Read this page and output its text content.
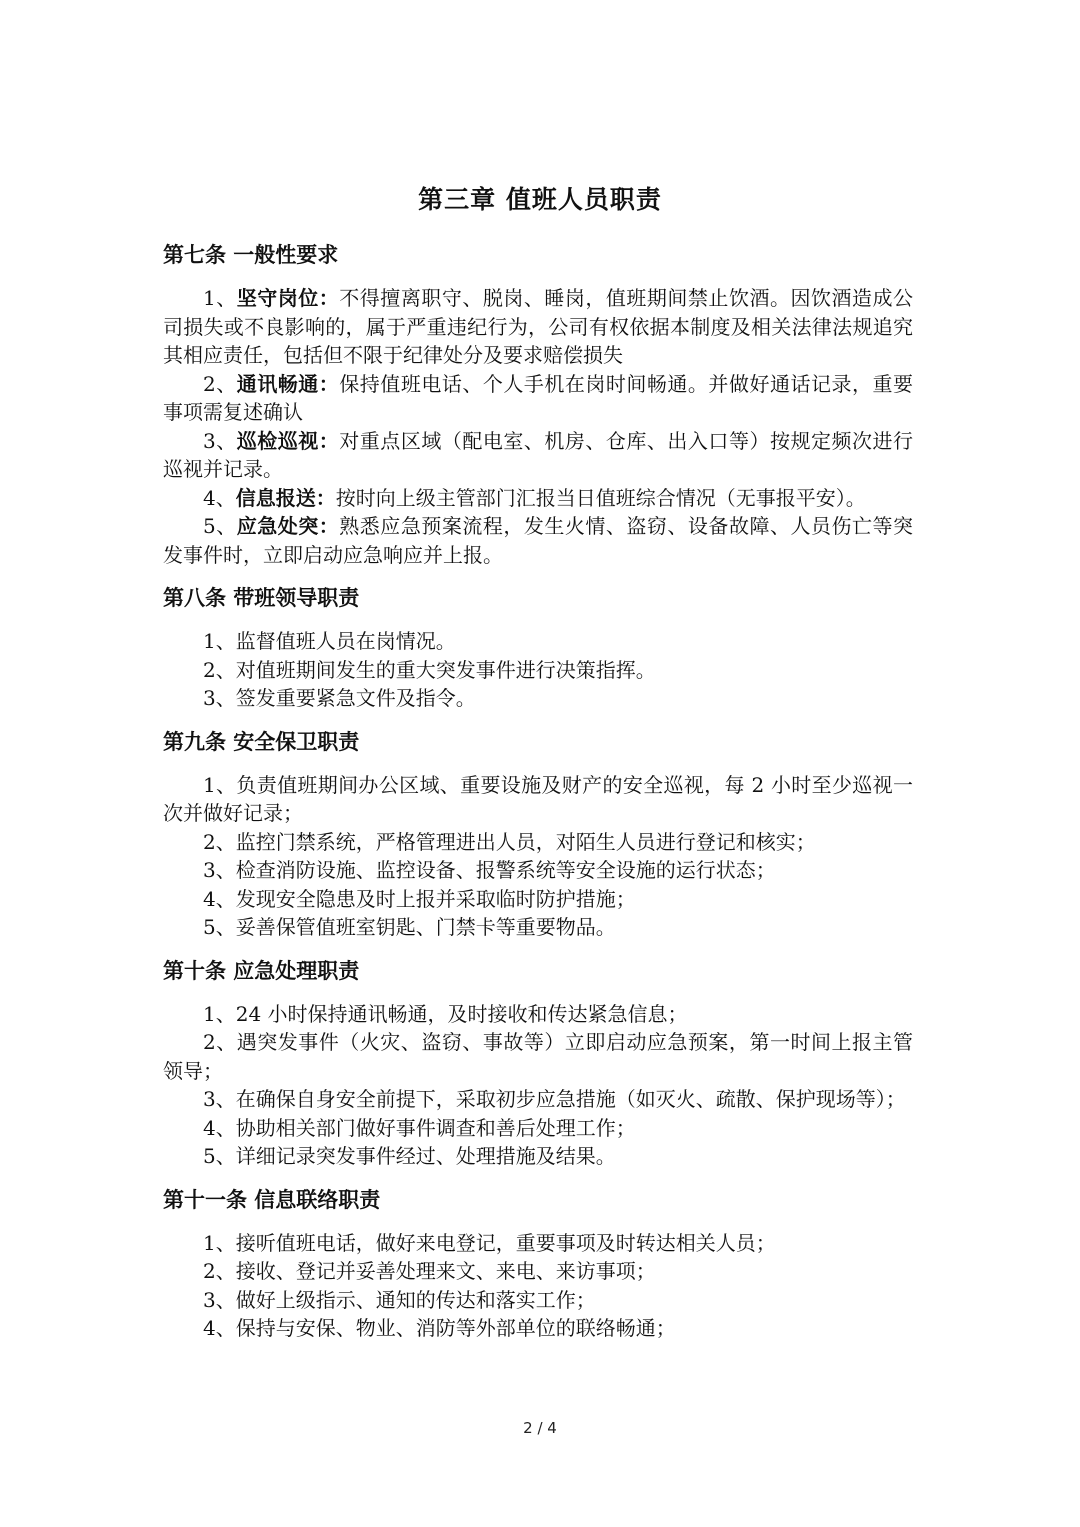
第三章 值班人员职责
第七条 一般性要求

1、坚守岗位：不得擅离职守、脱岗、睡岗，值班期间禁止饮酒。因饮酒造成公司损失或不良影响的，属于严重违纪行为，公司有权依据本制度及相关法律法规追究其相应责任，包括但不限于纪律处分及要求赔偿损失

2、通讯畅通：保持值班电话、个人手机在岗时间畅通。并做好通话记录，重要事项需复述确认

3、巡检巡视：对重点区域（配电室、机房、仓库、出入口等）按规定频次进行巡视并记录。

4、信息报送：按时向上级主管部门汇报当日值班综合情况（无事报平安）。

5、应急处突：熟悉应急预案流程，发生火情、盗窃、设备故障、人员伤亡等突发事件时，立即启动应急响应并上报。

第八条 带班领导职责

1、监督值班人员在岗情况。

2、对值班期间发生的重大突发事件进行决策指挥。

3、签发重要紧急文件及指令。

第九条 安全保卫职责

1、负责值班期间办公区域、重要设施及财产的安全巡视，每 2 小时至少巡视一次并做好记录；

2、监控门禁系统，严格管理进出人员，对陌生人员进行登记和核实；

3、检查消防设施、监控设备、报警系统等安全设施的运行状态；

4、发现安全隐患及时上报并采取临时防护措施；

5、妥善保管值班室钥匙、门禁卡等重要物品。

第十条 应急处理职责

1、24 小时保持通讯畅通，及时接收和传达紧急信息；

2、遇突发事件（火灾、盗窃、事故等）立即启动应急预案，第一时间上报主管领导；

3、在确保自身安全前提下，采取初步应急措施（如灭火、疏散、保护现场等）；

4、协助相关部门做好事件调查和善后处理工作；

5、详细记录突发事件经过、处理措施及结果。

第十一条 信息联络职责

1、接听值班电话，做好来电登记，重要事项及时转达相关人员；

2、接收、登记并妥善处理来文、来电、来访事项；

3、做好上级指示、通知的传达和落实工作；

4、保持与安保、物业、消防等外部单位的联络畅通；

2 / 4
